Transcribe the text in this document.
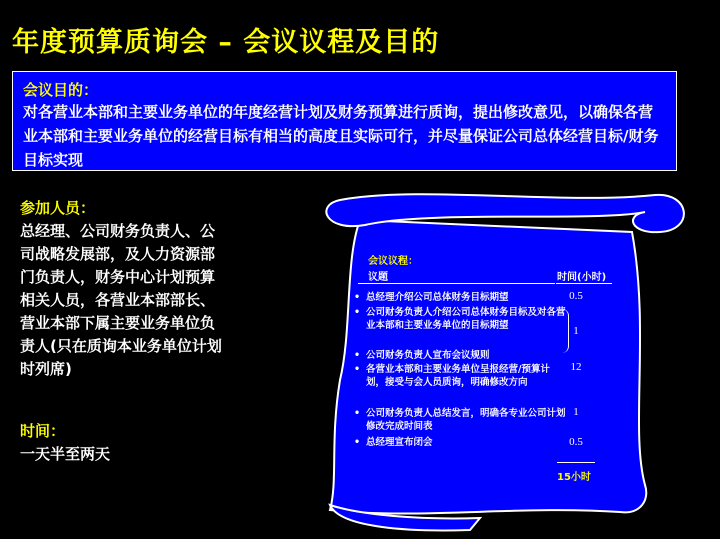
年度预算质询会 – 会议议程及目的
会议目的：
对各营业本部和主要业务单位的年度经营计划及财务预算进行质询，提出修改意见，以确保各营业本部和主要业务单位的经营目标有相当的高度且实际可行，并尽量保证公司总体经营目标/财务目标实现
参加人员：
总经理、公司财务负责人、公
司战略发展部，及人力资源部
门负责人，财务中心计划预算
相关人员，各营业本部部长、
营业本部下属主要业务单位负
责人(只在质询本业务单位计划
时列席)
时间：
一天半至两天
会议议程：
议题	时间(小时)
• 总经理介绍公司总体财务目标期望
• 公司财务负责人介绍公司总体财务目标及对各营业本部和主要业务单位的目标期望
• 公司财务负责人宣布会议规则
• 各营业本部和主要业务单位呈报经营/预算计划，接受与会人员质询，明确修改方向
• 公司财务负责人总结发言，明确各专业公司计划修改完成时间表
• 总经理宣布闭会
0.5
1
12
1
0.5
15小时
